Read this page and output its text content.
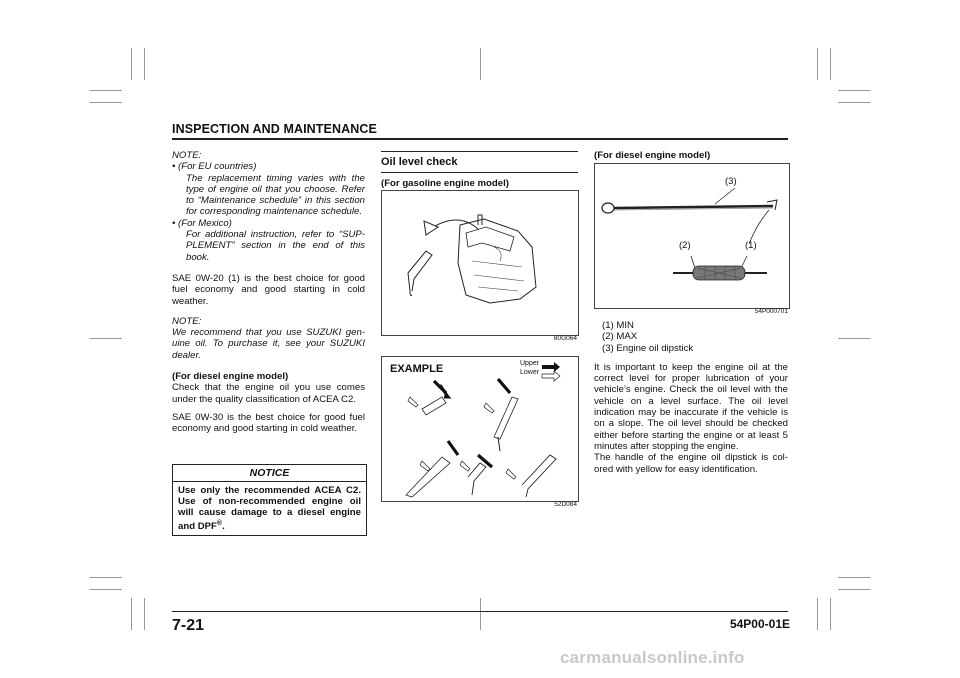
INSPECTION AND MAINTENANCE
NOTE:
• (For EU countries)
The replacement timing varies with the type of engine oil that you choose. Refer to “Maintenance schedule” in this section for corresponding maintenance schedule.
• (For Mexico)
For additional instruction, refer to “SUP-PLEMENT” section in the end of this book.

SAE 0W-20 (1) is the best choice for good fuel economy and good starting in cold weather.

NOTE:

We recommend that you use SUZUKI gen-uine oil. To purchase it, see your SUZUKI dealer.

(For diesel engine model)

Check that the engine oil you use comes under the quality classification of ACEA C2.

SAE 0W-30 is the best choice for good fuel economy and good starting in cold weather.

NOTICE
Use only the recommended ACEA C2. Use of non-recommended engine oil will cause damage to a diesel engine and DPF®.
Oil level check
(For gasoline engine model)
80G064
EXAMPLE	Upper
Lower
52D084
(For diesel engine model)
(3)
(2)	(1)
54P000701
(1) MIN
(2) MAX
(3) Engine oil dipstick

It is important to keep the engine oil at the correct level for proper lubrication of your vehicle’s engine. Check the oil level with the vehicle on a level surface. The oil level indication may be inaccurate if the vehicle is on a slope. The oil level should be checked either before starting the engine or at least 5 minutes after stopping the engine.

The handle of the engine oil dipstick is col-ored with yellow for easy identification.

7-21	54P00-01E
carmanualsonline.info
